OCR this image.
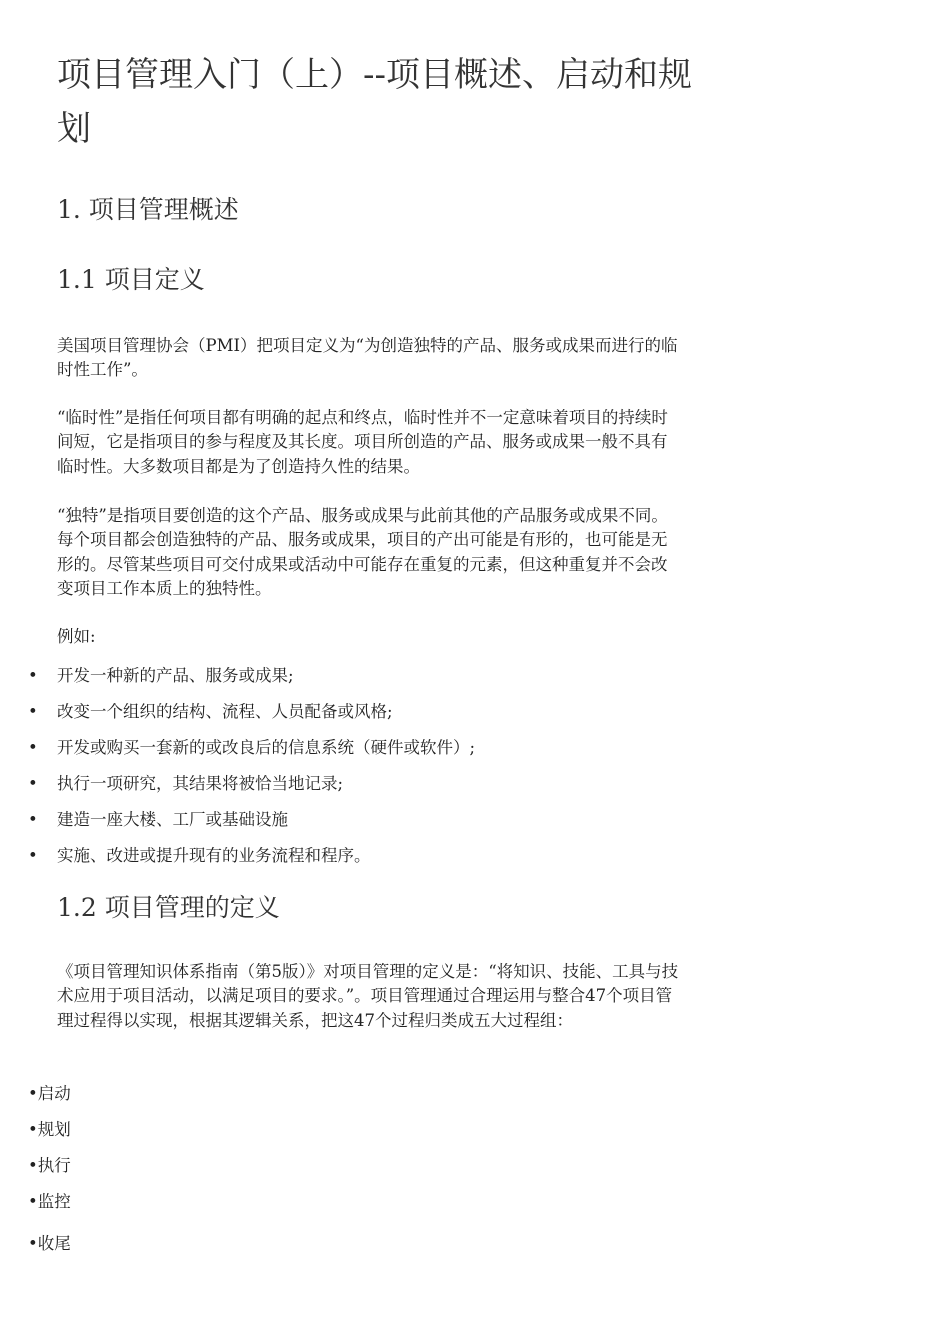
项目管理入门（上）--项目概述、启动和规划
1. 项目管理概述
1.1 项目定义

美国项目管理协会（PMI）把项目定义为“为创造独特的产品、服务或成果而进行的临时性工作”。

“临时性”是指任何项目都有明确的起点和终点，临时性并不一定意味着项目的持续时间短，它是指项目的参与程度及其长度。项目所创造的产品、服务或成果一般不具有临时性。大多数项目都是为了创造持久性的结果。

“独特”是指项目要创造的这个产品、服务或成果与此前其他的产品服务或成果不同。每个项目都会创造独特的产品、服务或成果，项目的产出可能是有形的，也可能是无形的。尽管某些项目可交付成果或活动中可能存在重复的元素，但这种重复并不会改变项目工作本质上的独特性。

例如:

• 开发一种新的产品、服务或成果;
• 改变一个组织的结构、流程、人员配备或风格;
• 开发或购买一套新的或改良后的信息系统（硬件或软件）;
• 执行一项研究，其结果将被恰当地记录;
• 建造一座大楼、工厂或基础设施
• 实施、改进或提升现有的业务流程和程序。
1.2 项目管理的定义

《项目管理知识体系指南（第5版）》对项目管理的定义是：“将知识、技能、工具与技术应用于项目活动，以满足项目的要求。”。项目管理通过合理运用与整合47个项目管理过程得以实现，根据其逻辑关系，把这47个过程归类成五大过程组：

•启动
•规划
•执行
•监控
•收尾
